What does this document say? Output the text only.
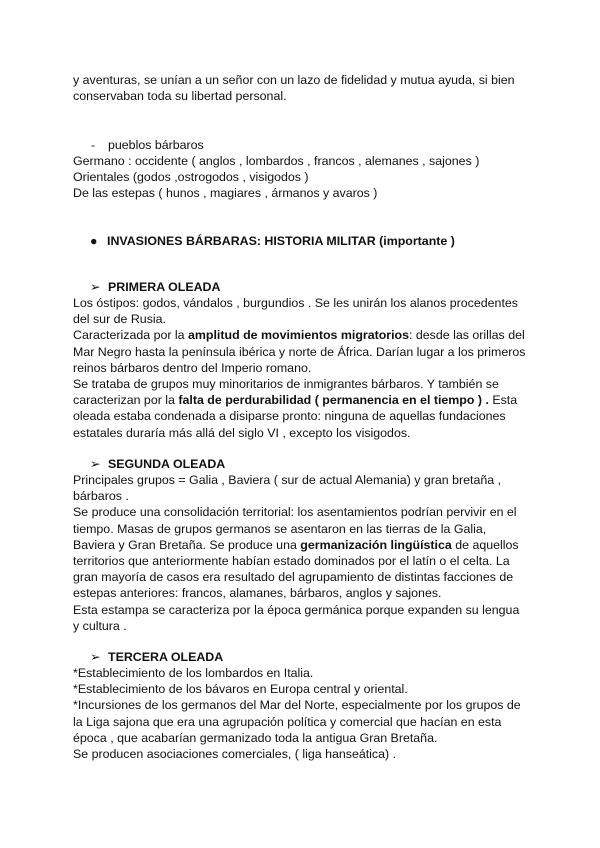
y aventuras, se unían a un señor con un lazo de fidelidad y mutua ayuda, si bien conservaban toda su libertad personal.

- pueblos bárbaros

Germano : occidente ( anglos , lombardos , francos , alemanes , sajones )

Orientales (godos ,ostrogodos , visigodos )

De las estepas ( hunos , magiares , ármanos y avaros )

● INVASIONES BÁRBARAS: HISTORIA MILITAR (importante )
➢ PRIMERA OLEADA

Los óstipos: godos, vándalos , burgundios . Se les unirán los alanos procedentes del sur de Rusia.

Caracterizada por la amplitud de movimientos migratorios: desde las orillas del Mar Negro hasta la península ibérica y norte de África. Darían lugar a los primeros reinos bárbaros dentro del Imperio romano.

Se trataba de grupos muy minoritarios de inmigrantes bárbaros. Y también se caracterizan por la falta de perdurabilidad ( permanencia en el tiempo ) . Esta oleada estaba condenada a disiparse pronto: ninguna de aquellas fundaciones estatales duraría más allá del siglo VI , excepto los visigodos.

➢ SEGUNDA OLEADA

Principales grupos = Galia , Baviera ( sur de actual Alemania) y gran bretaña , bárbaros .

Se produce una consolidación territorial: los asentamientos podrían pervivir en el tiempo. Masas de grupos germanos se asentaron en las tierras de la Galia, Baviera y Gran Bretaña. Se produce una germanización lingüística de aquellos territorios que anteriormente habían estado dominados por el latín o el celta. La gran mayoría de casos era resultado del agrupamiento de distintas facciones de estepas anteriores: francos, alamanes, bárbaros, anglos y sajones.

Esta estampa se caracteriza por la época germánica porque expanden su lengua y cultura .

➢ TERCERA OLEADA

*Establecimiento de los lombardos en Italia.

*Establecimiento de los bávaros en Europa central y oriental.

*Incursiones de los germanos del Mar del Norte, especialmente por los grupos de la Liga sajona que era una agrupación política y comercial que hacían en esta época , que acabarían germanizado toda la antigua Gran Bretaña.

Se producen asociaciones comerciales, ( liga hanseática) .
